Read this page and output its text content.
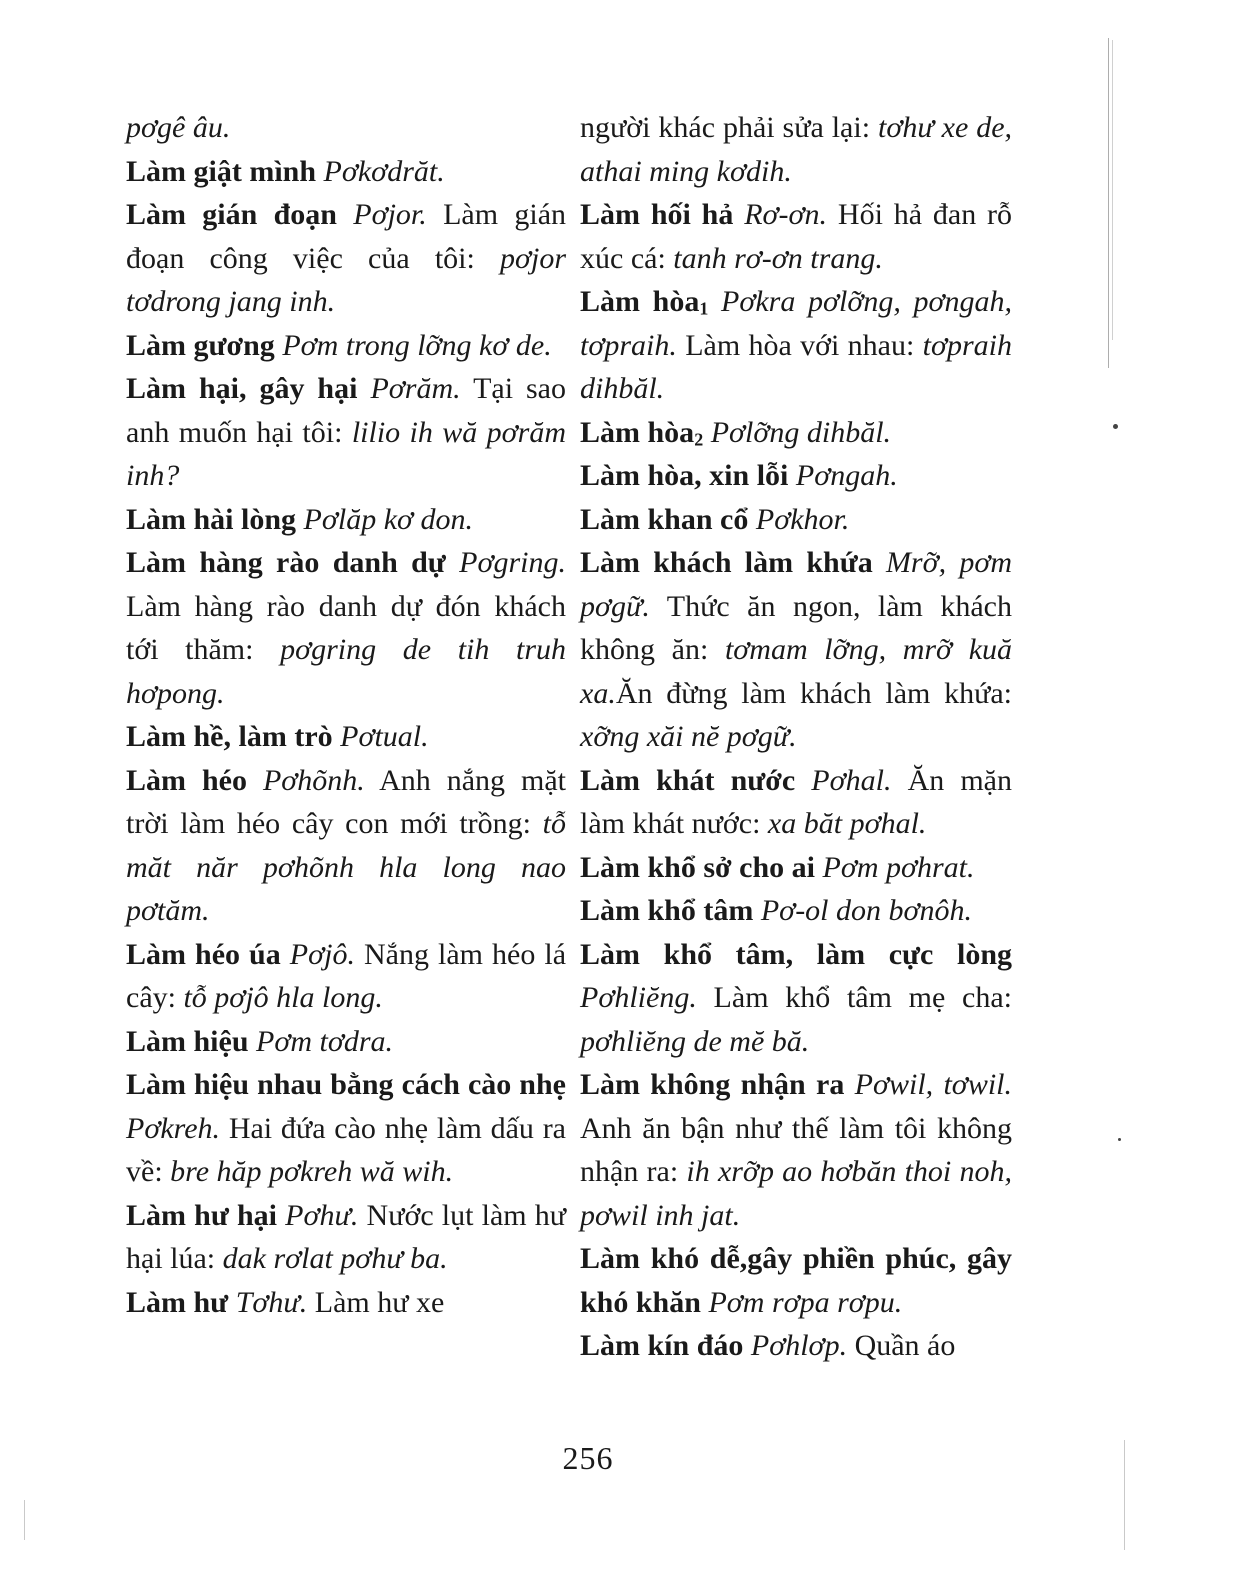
pơgê âu.

Làm giật mình Pơkơdrăt.

Làm gián đoạn Pơjor. Làm gián đoạn công việc của tôi: pơjor tơdrong jang inh.

Làm gương Pơm trong lỡng kơ de.

Làm hại, gây hại Pơrăm. Tại sao anh muốn hại tôi: lilio ih wă pơrăm inh?

Làm hài lòng Pơlăp kơ don.

Làm hàng rào danh dự Pơgring. Làm hàng rào danh dự đón khách tới thăm: pơgring de tih truh hơpong.

Làm hề, làm trò Pơtual.

Làm héo Pơhõnh. Anh nắng mặt trời làm héo cây con mới trồng: tỗ măt năr pơhõnh hla long nao pơtăm.

Làm héo úa Pơjô. Nắng làm héo lá cây: tỗ pơjô hla long.

Làm hiệu Pơm tơdra.

Làm hiệu nhau bằng cách cào nhẹ Pơkreh. Hai đứa cào nhẹ làm dấu ra về: bre hăp pơkreh wă wih.

Làm hư hại Pơhư. Nước lụt làm hư hại lúa: dak rơlat pơhư ba.

Làm hư Tơhư. Làm hư xe

người khác phải sửa lại: tơhư xe de, athai ming kơdih.

Làm hối hả Rơ-ơn. Hối hả đan rỗ xúc cá: tanh rơ-ơn trang.

Làm hòa$_1$ Pơkra pơlỡng, pơngah, tơpraih. Làm hòa với nhau: tơpraih dihbăl.

Làm hòa$_2$ Pơlỡng dihbăl.

Làm hòa, xin lỗi Pơngah.

Làm khan cổ Pơkhor.

Làm khách làm khứa Mrỡ, pơm pơgữ. Thức ăn ngon, làm khách không ăn: tơmam lỡng, mrỡ kuă xa.Ăn đừng làm khách làm khứa: xỡng xăi nĕ pơgữ.

Làm khát nước Pơhal. Ăn mặn làm khát nước: xa băt pơhal.

Làm khổ sở cho ai Pơm pơhrat.

Làm khổ tâm Pơ-ol don bơnôh.

Làm khổ tâm, làm cực lòng Pơhliĕng. Làm khổ tâm mẹ cha: pơhliĕng de mĕ bă.

Làm không nhận ra Pơwil, tơwil. Anh ăn bận như thế làm tôi không nhận ra: ih xrỡp ao hơbăn thoi noh, pơwil inh jat.

Làm khó dễ,gây phiền phúc, gây khó khăn Pơm rơpa rơpu.

Làm kín đáo Pơhlơp. Quần áo

256
